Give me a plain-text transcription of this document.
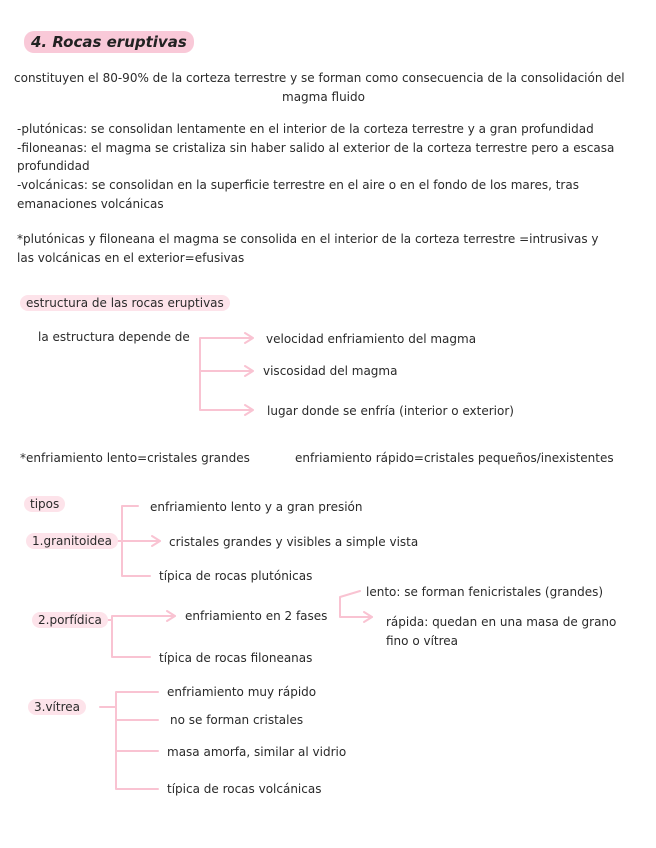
4. Rocas eruptivas
constituyen el 80-90% de la corteza terrestre y se forman como consecuencia de la consolidación del
magma fluido
-plutónicas: se consolidan lentamente en el interior de la corteza terrestre y a gran profundidad
-filoneanas: el magma se cristaliza sin haber salido al exterior de la corteza terrestre pero a escasa
profundidad
-volcánicas: se consolidan en la superficie terrestre en el aire o en el fondo de los mares, tras
emanaciones volcánicas
*plutónicas y filoneana el magma se consolida en el interior de la corteza terrestre =intrusivas y
las volcánicas en el exterior=efusivas
estructura de las rocas eruptivas
la estructura depende de	velocidad enfriamiento del magma
viscosidad del magma
lugar donde se enfría (interior o exterior)
*enfriamiento lento=cristales grandes	enfriamiento rápido=cristales pequeños/inexistentes
tipos	enfriamiento lento y a gran presión
1.granitoidea	cristales grandes y visibles a simple vista
típica de rocas plutónicas
lento: se forman fenicristales (grandes)
enfriamiento en 2 fases
2.porfídica	rápida: quedan en una masa de grano
fino o vítrea
típica de rocas filoneanas
enfriamiento muy rápido
3.vítrea
no se forman cristales
masa amorfa, similar al vidrio
típica de rocas volcánicas
